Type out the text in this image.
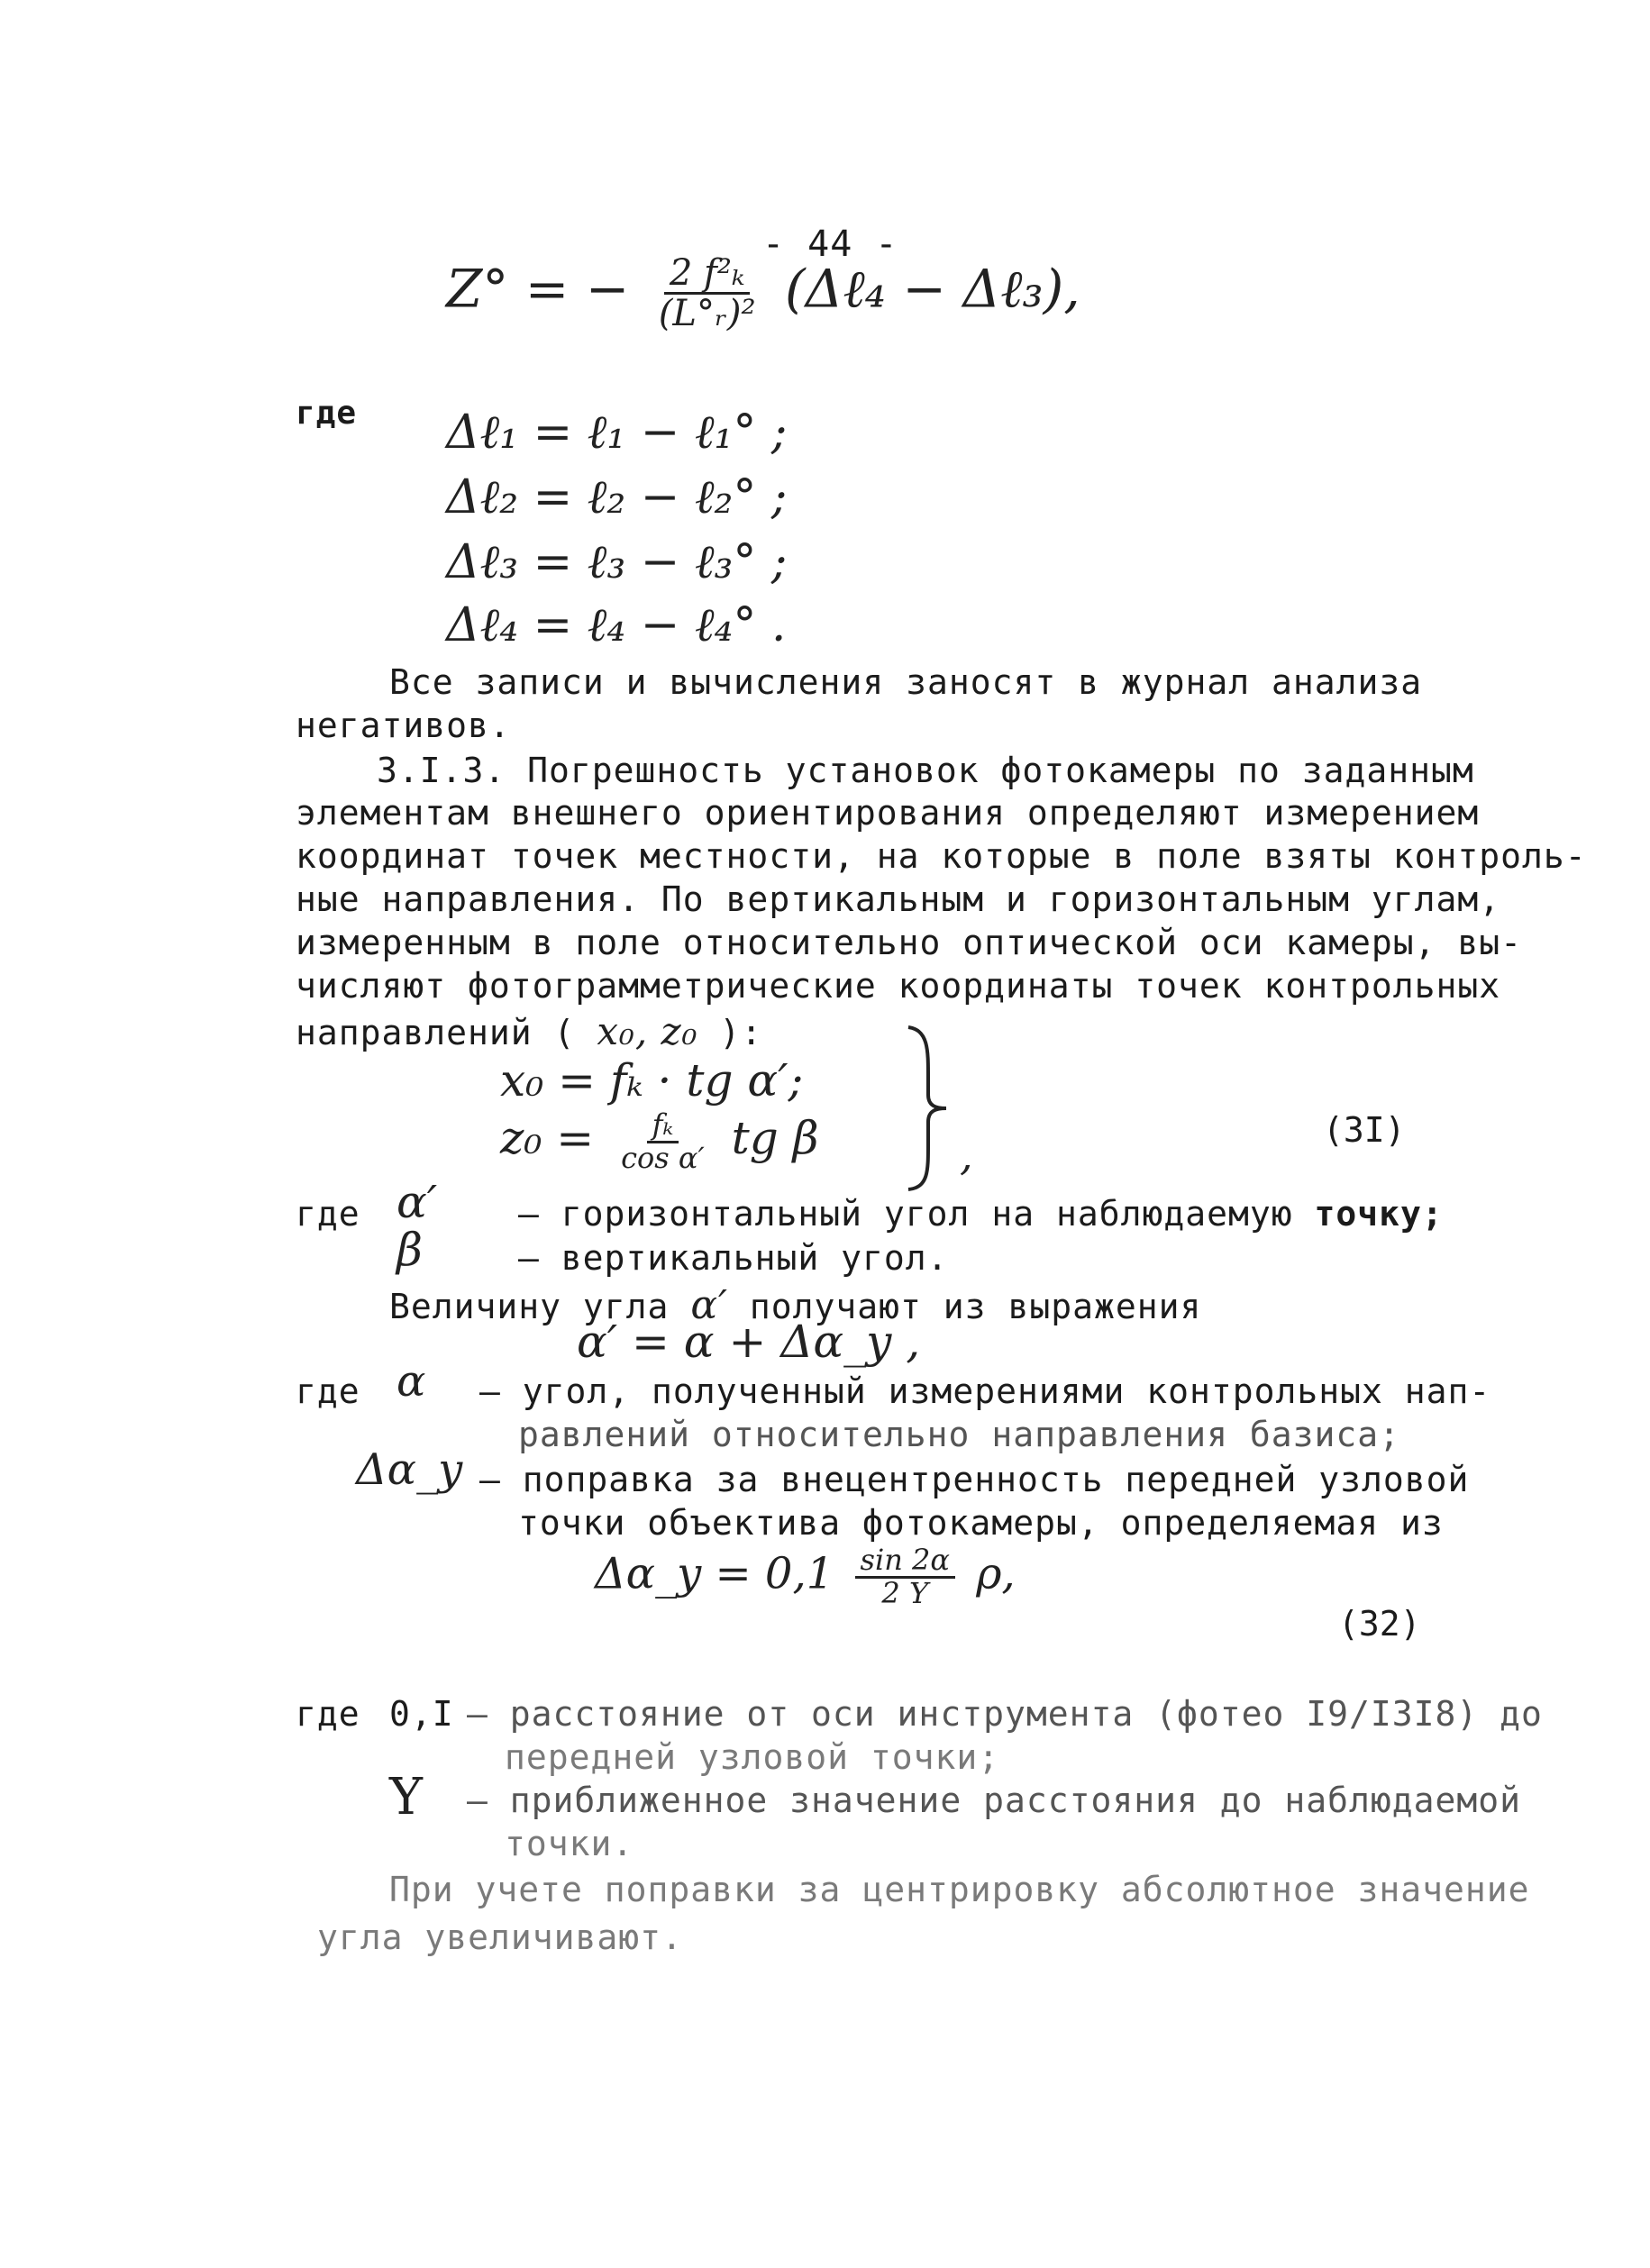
- 44 -
Z° = − $\frac{\text{2 f²ₖ}}{\text{(L°ᵣ)²}}$ (Δℓ₄ − Δℓ₃),
где Δℓ₁ = ℓ₁ − ℓ₁° ;
Δℓ₂ = ℓ₂ − ℓ₂° ;
Δℓ₃ = ℓ₃ − ℓ₃° ;
Δℓ₄ = ℓ₄ − ℓ₄° .
Все записи и вычисления заносят в журнал анализа
негативов.
3.I.3. Погрешность установок фотокамеры по заданным
элементам внешнего ориентирования определяют измерением
координат точек местности, на которые в поле взяты контроль-
ные направления. По вертикальным и горизонтальным углам,
измеренным в поле относительно оптической оси камеры, вы-
числяют фотограмметрические координаты точек контрольных
направлений ( x₀, z₀ ):
x₀ = fₖ · tg α′;
$z_0 = \frac{\text{fₖ}}{\text{cos α′}}$ tg β	,
(3I)
где α′ – горизонтальный угол на наблюдаемую точку;
β	– вертикальный угол.
Величину угла α′ получают из выражения
α′ = α + Δα_y ,
где α – угол, полученный измерениями контрольных нап-
равлений относительно направления базиса;
Δα_y – поправка за внецентренность передней узловой
точки объектива фотокамеры, определяемая из
Δα_y = $0,1 \frac{\sin 2\alpha}{2 Y} \rho$,
(32)
где 0,I – расстояние от оси инструмента (фотео I9/I3I8) до
передней узловой точки;
Y – приближенное значение расстояния до наблюдаемой
точки.
При учете поправки за центрировку абсолютное значение
угла увеличивают.
